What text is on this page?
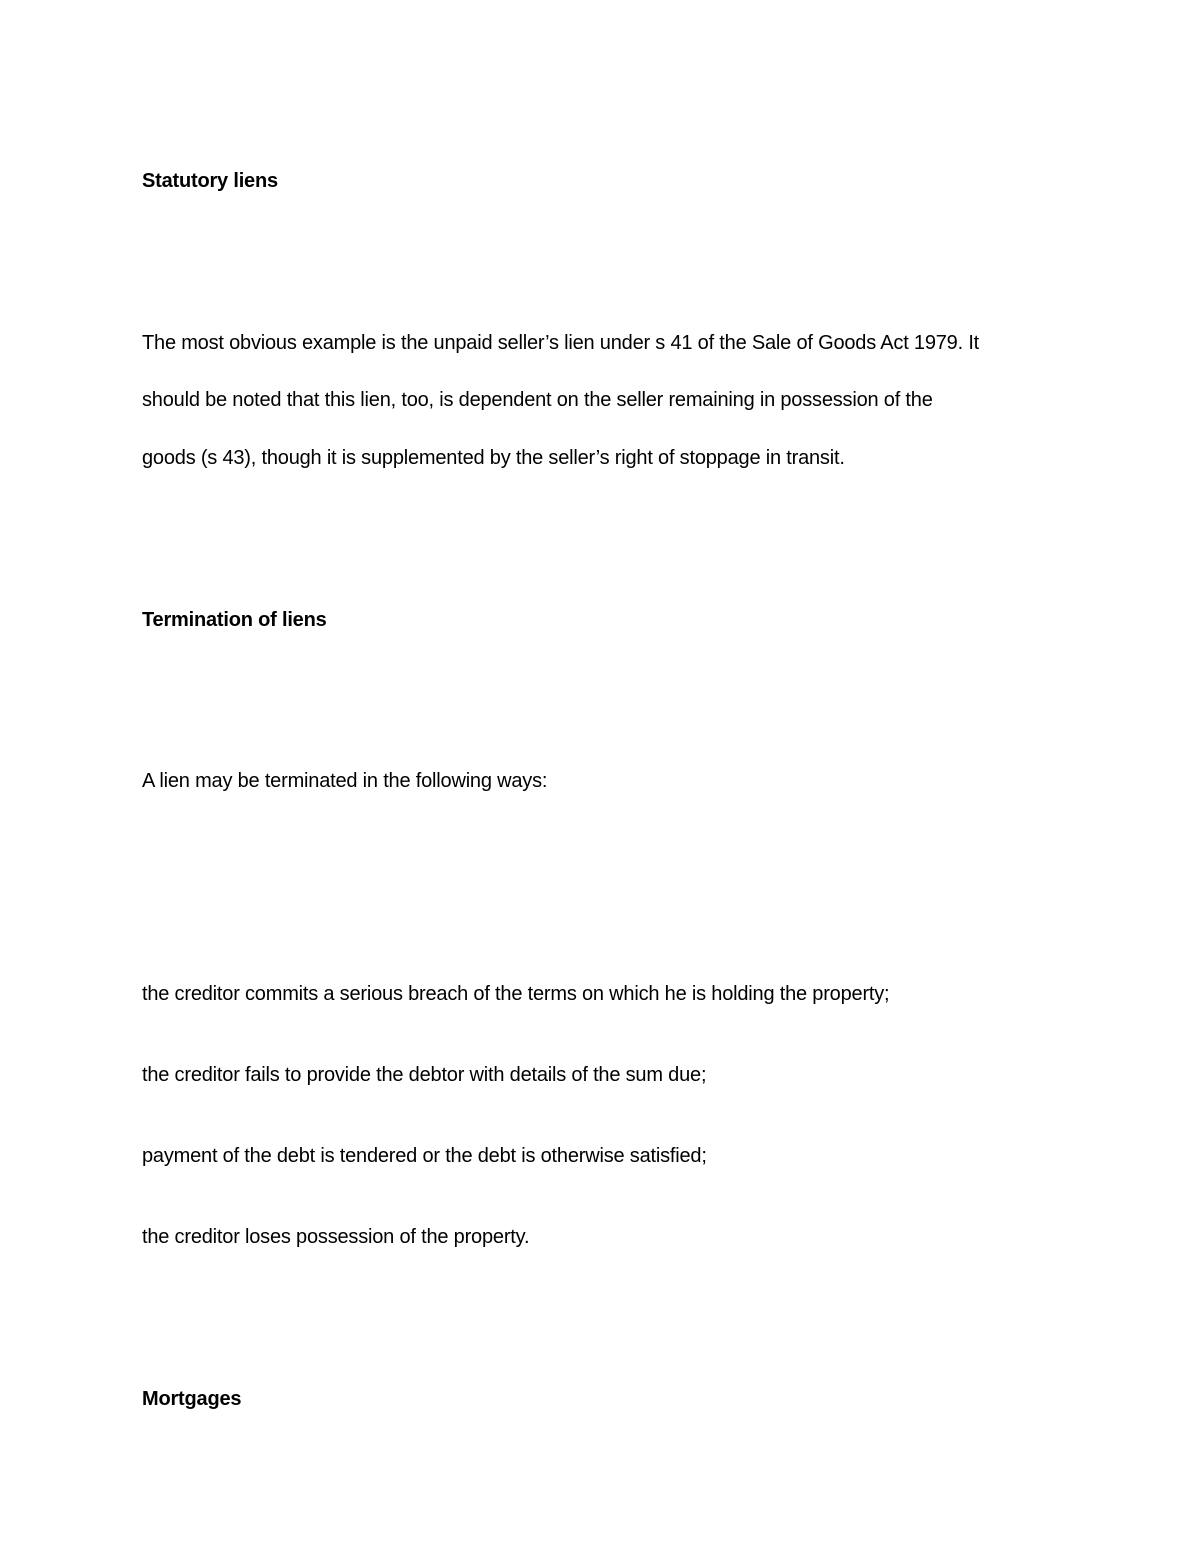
Statutory liens
The most obvious example is the unpaid seller’s lien under s 41 of the Sale of Goods Act 1979. It
should be noted that this lien, too, is dependent on the seller remaining in possession of the
goods (s 43), though it is supplemented by the seller’s right of stoppage in transit.
Termination of liens
A lien may be terminated in the following ways:
the creditor commits a serious breach of the terms on which he is holding the property;
the creditor fails to provide the debtor with details of the sum due;
payment of the debt is tendered or the debt is otherwise satisfied;
the creditor loses possession of the property.
Mortgages
